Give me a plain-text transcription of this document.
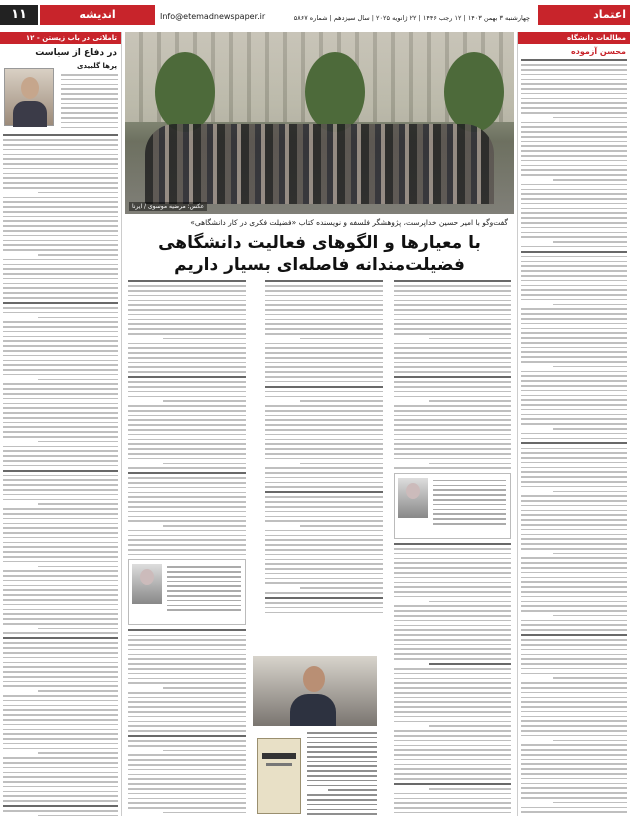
اعتماد
چهارشنبه ۳ بهمن ۱۴۰۳ | ۱۲ رجب ۱۴۴۶ | ۲۲ ژانویه ۲۰۲۵ | سال سیزدهم | شماره ۵۸۶۷
Info@etemadnewspaper.ir
اندیشه
۱۱
مطالعات دانشگاه
محسن آزموده
تاملاتی در باب زیستن - ۱۲
در دفاع از سیاست
پرها گلبیدی
عکس: مرضیه موسوی / ایرنا
گفت‌وگو با امیر حسین خداپرست، پژوهشگر فلسفه و نویسنده کتاب «فضیلت فکری در کار دانشگاهی»
با معیارها و الگوهای فعالیت دانشگاهی
فضیلت‌مندانه فاصله‌ای بسیار داریم
